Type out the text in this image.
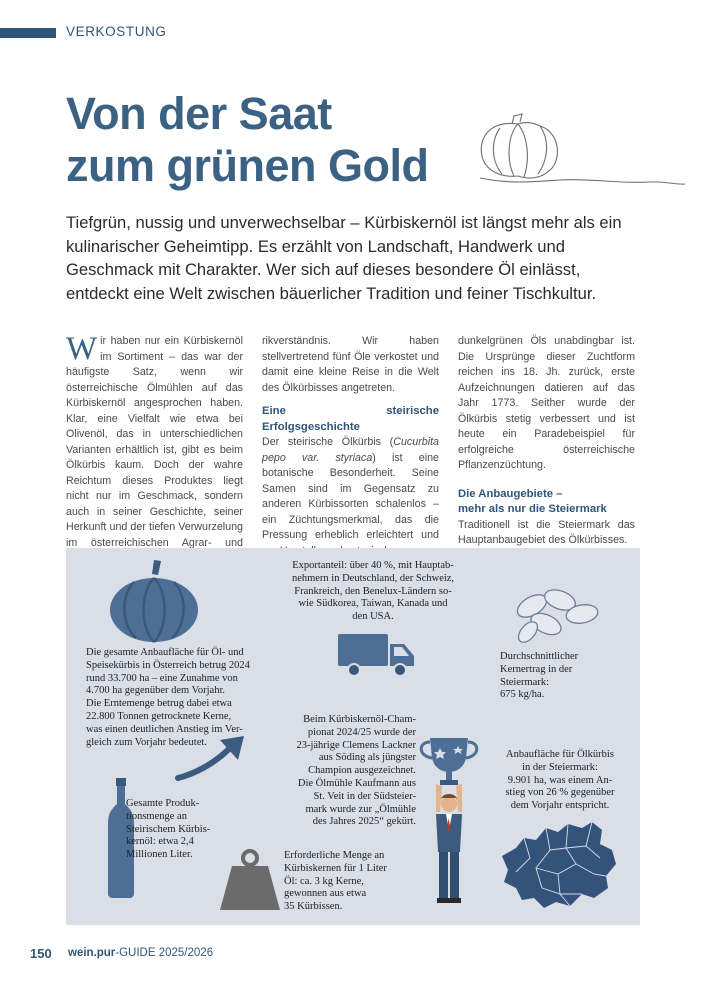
VERKOSTUNG
Von der Saat
zum grünen Gold

Tiefgrün, nussig und unverwechselbar – Kürbiskernöl ist längst mehr als ein kulinarischer Geheimtipp. Es erzählt von Landschaft, Handwerk und Geschmack mit Charakter. Wer sich auf dieses besondere Öl einlässt, entdeckt eine Welt zwischen bäuerlicher Tradition und feiner Tischkultur.

W ir haben nur ein Kürbiskernöl im Sortiment – das war der häufigste Satz, wenn wir österreichische Ölmühlen auf das Kürbiskernöl angesprochen haben. Klar, eine Vielfalt wie etwa bei Olivenöl, das in unterschiedlichen Varianten erhältlich ist, gibt es beim Ölkürbis kaum. Doch der wahre Reichtum dieses Produktes liegt nicht nur im Geschmack, sondern auch in seiner Geschichte, seiner Herkunft und der tiefen Verwurzelung im österreichischen Agrar- und

rikverständnis. Wir haben stellvertretend fünf Öle verkostet und damit eine kleine Reise in die Welt des Ölkürbisses angetreten.

Eine steirische Erfolgsgeschichte

Der steirische Ölkürbis (Cucurbita pepo var. styriaca) ist eine botanische Besonderheit. Seine Samen sind im Gegensatz zu anderen Kürbissorten schalenlos – ein Züchtungsmerkmal, das die Pressung erheblich erleichtert und

dunkelgrünen Öls unabdingbar ist. Die Ursprünge dieser Zuchtform reichen ins 18. Jh. zurück, erste Aufzeichnungen datieren auf das Jahr 1773. Seither wurde der Ölkürbis stetig verbessert und ist heute ein Paradebeispiel für erfolgreiche österreichische Pflanzenzüchtung.

Die Anbaugebiete –
mehr als nur die Steiermark

Traditionell ist die Steiermark das Hauptanbaugebiet des Ölkürbisses.

Die gesamte Anbaufläche für Öl- und
Speisekürbis in Österreich betrug 2024
rund 33.700 ha – eine Zunahme von
4.700 ha gegenüber dem Vorjahr.
Die Erntemenge betrug dabei etwa
22.800 Tonnen getrocknete Kerne,
was einen deutlichen Anstieg im Ver-
gleich zum Vorjahr bedeutet.
Exportanteil: über 40 %, mit Hauptab-
nehmern in Deutschland, der Schweiz,
Frankreich, den Benelux-Ländern so-
wie Südkorea, Taiwan, Kanada und
den USA.
Durchschnittlicher
Kernertrag in der
Steiermark:
675 kg/ha.
Beim Kürbiskernöl-Cham-
pionat 2024/25 wurde der
23-jährige Clemens Lackner
aus Söding als jüngster
Champion ausgezeichnet.
Die Ölmühle Kaufmann aus
St. Veit in der Südsteier-
mark wurde zur „Ölmühle
des Jahres 2025“ gekürt.
Anbaufläche für Ölkürbis
in der Steiermark:
9.901 ha, was einem An-
stieg von 26 % gegenüber
dem Vorjahr entspricht.
Gesamte Produk-
tionsmenge an
Steirischem Kürbis-
kernöl: etwa 2,4
Millionen Liter.	Erforderliche Menge an
Kürbiskernen für 1 Liter
Öl: ca. 3 kg Kerne,
gewonnen aus etwa
35 Kürbissen.
150 wein.pur-GUIDE 2025/2026
